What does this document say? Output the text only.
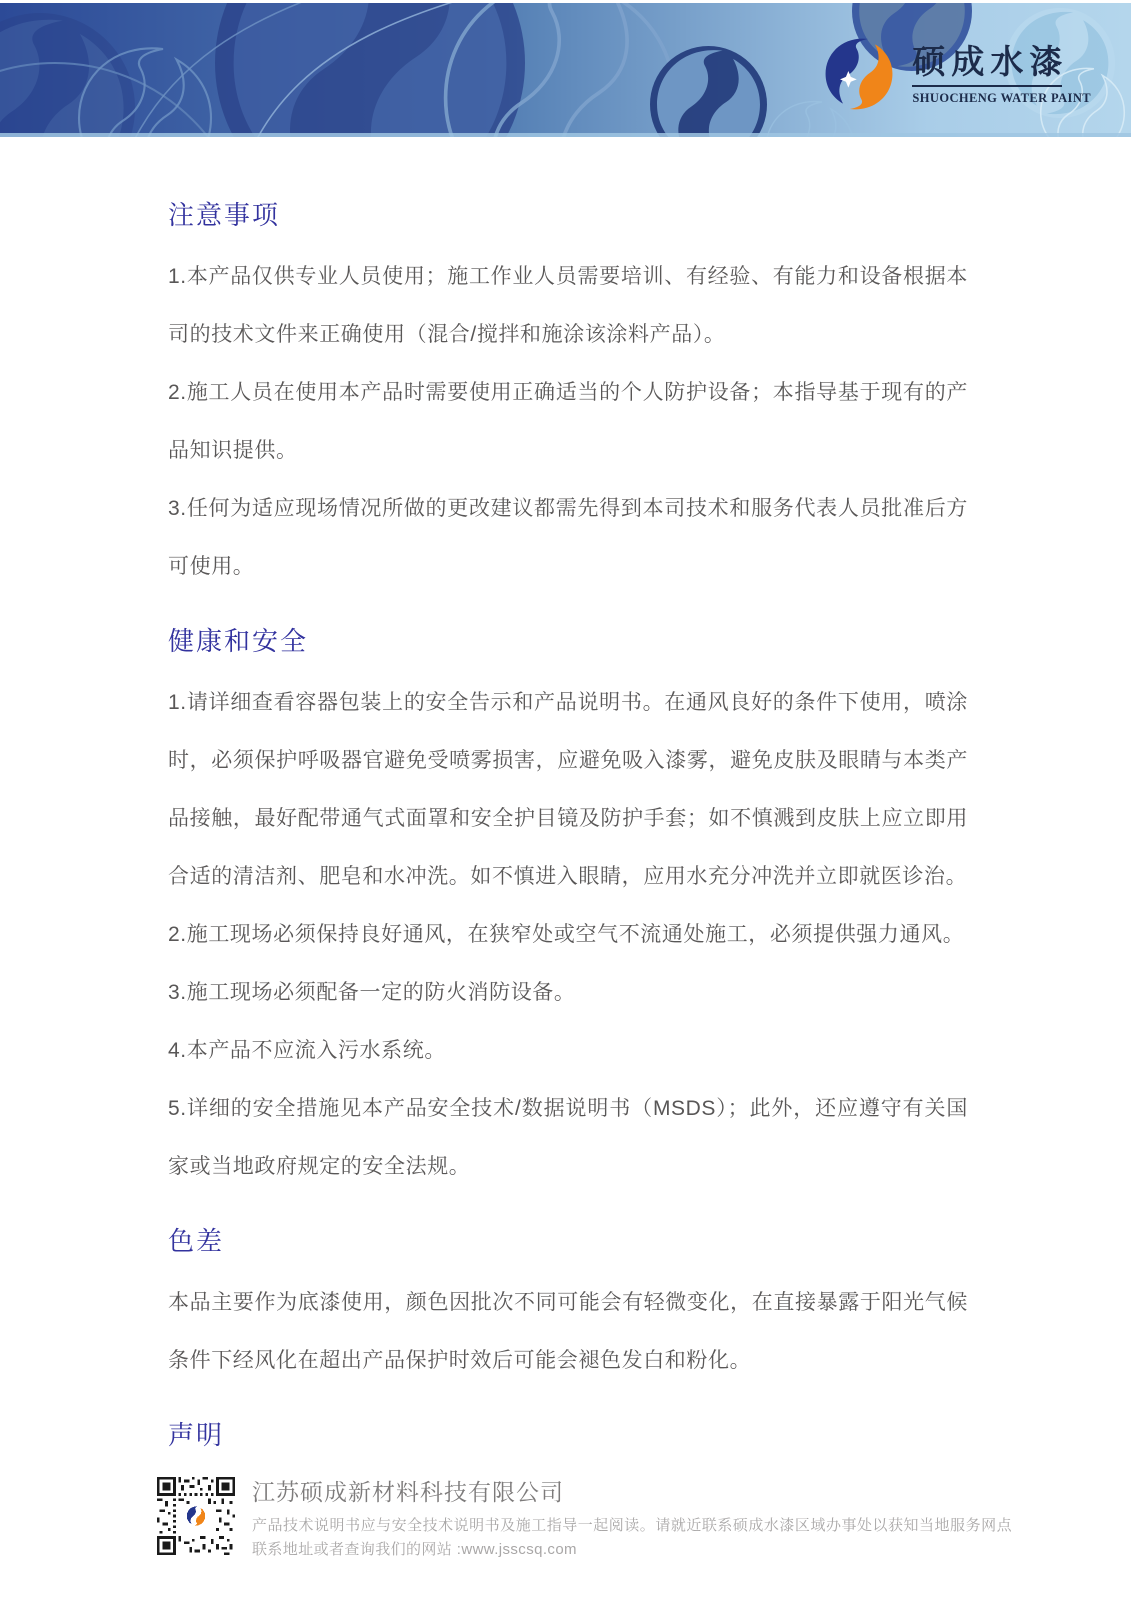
硕成水漆
SHUOCHENG WATER PAINT
注意事项

1.本产品仅供专业人员使用；施工作业人员需要培训、有经验、有能力和设备根据本司的技术文件来正确使用（混合/搅拌和施涂该涂料产品）。

2.施工人员在使用本产品时需要使用正确适当的个人防护设备；本指导基于现有的产品知识提供。

3.任何为适应现场情况所做的更改建议都需先得到本司技术和服务代表人员批准后方可使用。

健康和安全

1.请详细查看容器包装上的安全告示和产品说明书。在通风良好的条件下使用，喷涂时，必须保护呼吸器官避免受喷雾损害，应避免吸入漆雾，避免皮肤及眼睛与本类产品接触，最好配带通气式面罩和安全护目镜及防护手套；如不慎溅到皮肤上应立即用合适的清洁剂、肥皂和水冲洗。如不慎进入眼睛，应用水充分冲洗并立即就医诊治。

2.施工现场必须保持良好通风，在狭窄处或空气不流通处施工，必须提供强力通风。

3.施工现场必须配备一定的防火消防设备。

4.本产品不应流入污水系统。

5.详细的安全措施见本产品安全技术/数据说明书（MSDS）；此外，还应遵守有关国家或当地政府规定的安全法规。

色差

本品主要作为底漆使用，颜色因批次不同可能会有轻微变化，在直接暴露于阳光气候条件下经风化在超出产品保护时效后可能会褪色发白和粉化。

声明

江苏硕成新材料科技有限公司

产品技术说明书应与安全技术说明书及施工指导一起阅读。请就近联系硕成水漆区域办事处以获知当地服务网点联系地址或者查询我们的网站 :www.jsscsq.com
